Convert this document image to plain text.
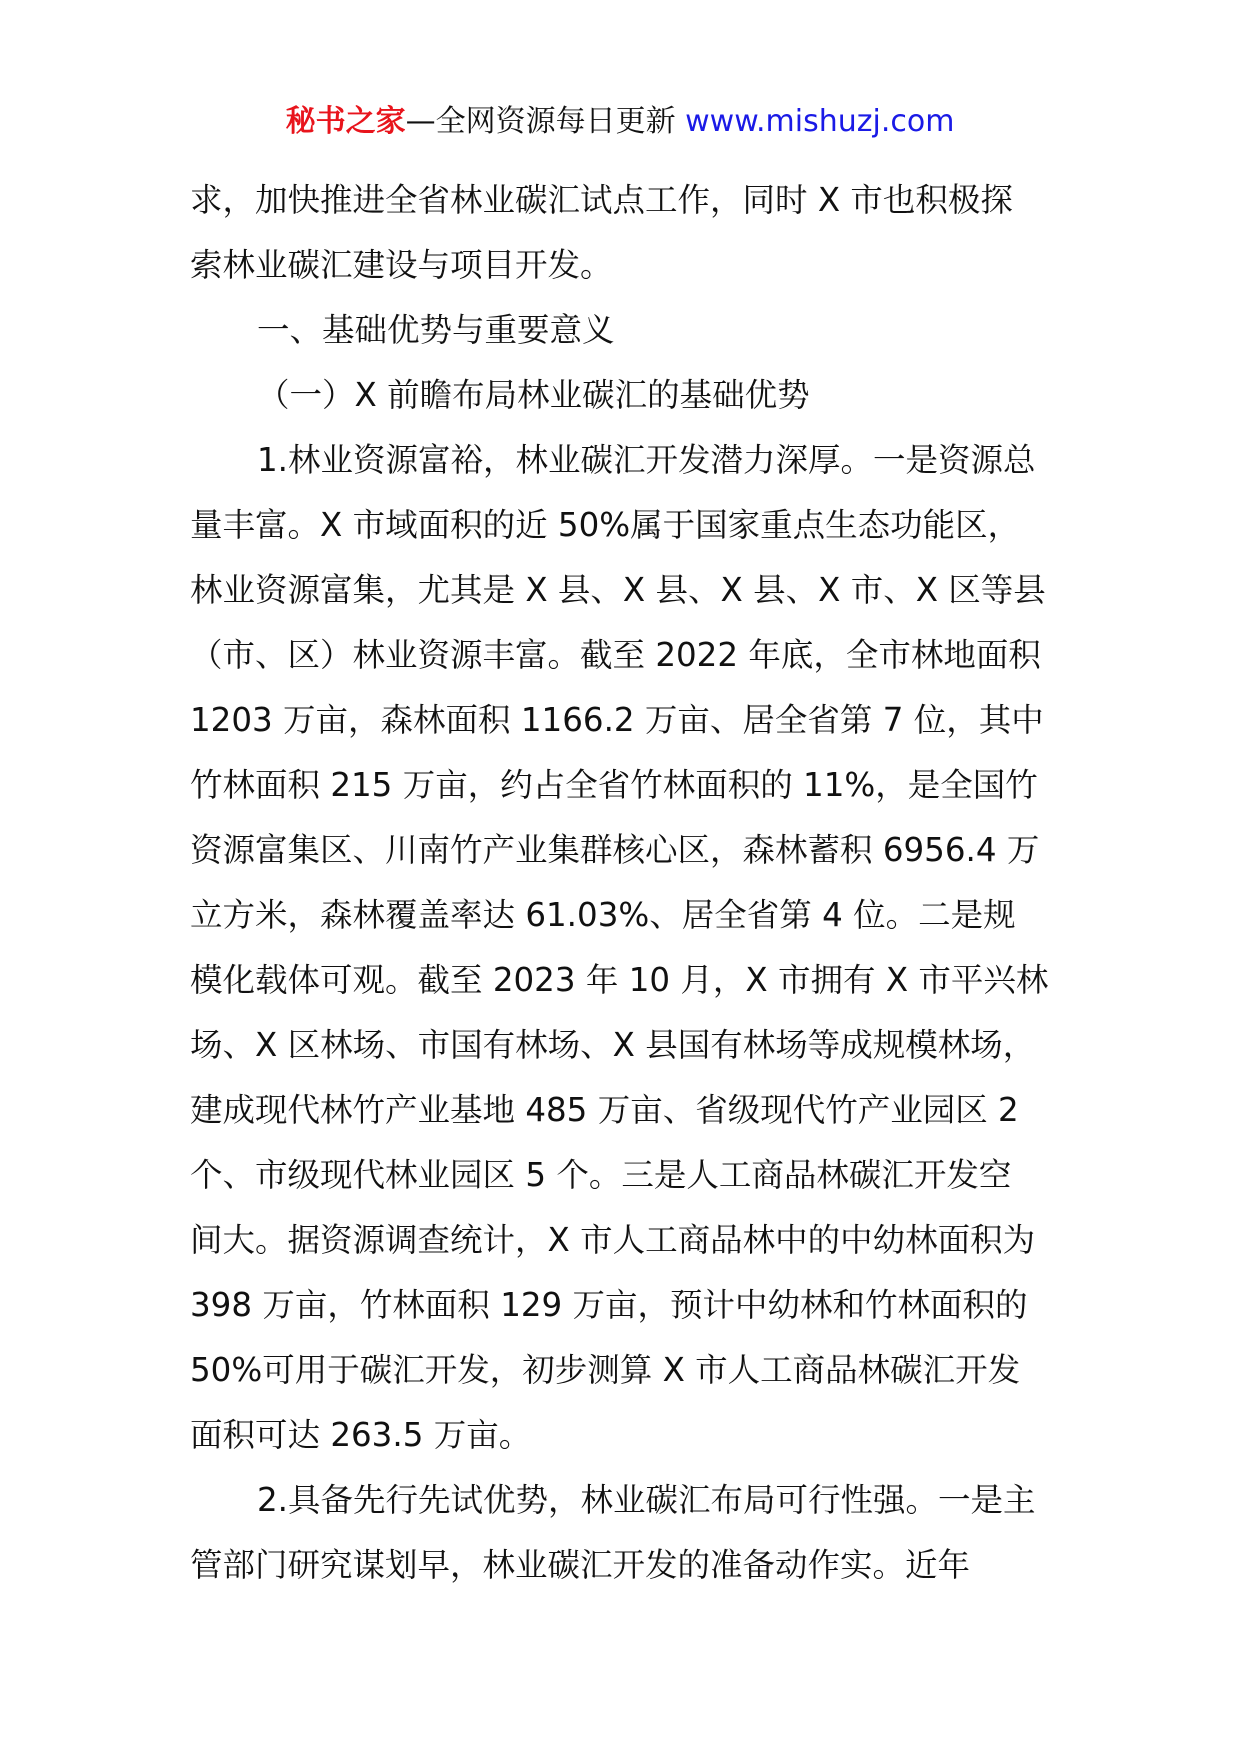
秘书之家—全网资源每日更新 www.mishuzj.com
求，加快推进全省林业碳汇试点工作，同时 X 市也积极探
索林业碳汇建设与项目开发。
一、基础优势与重要意义
（一）X 前瞻布局林业碳汇的基础优势
1.林业资源富裕，林业碳汇开发潜力深厚。一是资源总
量丰富。X 市域面积的近 50%属于国家重点生态功能区，
林业资源富集，尤其是 X 县、X 县、X 县、X 市、X 区等县
（市、区）林业资源丰富。截至 2022 年底，全市林地面积
1203 万亩，森林面积 1166.2 万亩、居全省第 7 位，其中
竹林面积 215 万亩，约占全省竹林面积的 11%，是全国竹
资源富集区、川南竹产业集群核心区，森林蓄积 6956.4 万
立方米，森林覆盖率达 61.03%、居全省第 4 位。二是规
模化载体可观。截至 2023 年 10 月，X 市拥有 X 市平兴林
场、X 区林场、市国有林场、X 县国有林场等成规模林场，
建成现代林竹产业基地 485 万亩、省级现代竹产业园区 2
个、市级现代林业园区 5 个。三是人工商品林碳汇开发空
间大。据资源调查统计，X 市人工商品林中的中幼林面积为
398 万亩，竹林面积 129 万亩，预计中幼林和竹林面积的
50%可用于碳汇开发，初步测算 X 市人工商品林碳汇开发
面积可达 263.5 万亩。
2.具备先行先试优势，林业碳汇布局可行性强。一是主
管部门研究谋划早，林业碳汇开发的准备动作实。近年
